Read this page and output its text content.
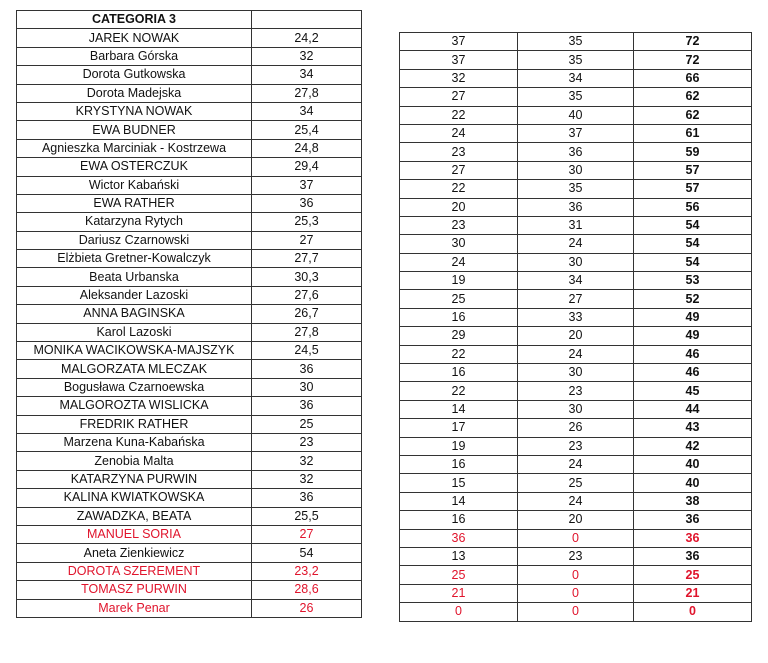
CATEGORIA 3	
JAREK NOWAK	24,2
Barbara Górska	32
Dorota Gutkowska	34
Dorota Madejska	27,8
KRYSTYNA NOWAK	34
EWA BUDNER	25,4
Agnieszka Marciniak - Kostrzewa	24,8
EWA OSTERCZUK	29,4
Wictor Kabański	37
EWA RATHER	36
Katarzyna Rytych	25,3
Dariusz Czarnowski	27
Elżbieta Gretner-Kowalczyk	27,7
Beata Urbanska	30,3
Aleksander Lazoski	27,6
ANNA BAGINSKA	26,7
Karol Lazoski	27,8
MONIKA WACIKOWSKA-MAJSZYK	24,5
MALGORZATA MLECZAK	36
Bogusława Czarnoewska	30
MALGOROZTA WISLICKA	36
FREDRIK RATHER	25
Marzena Kuna-Kabańska	23
Zenobia Malta	32
KATARZYNA PURWIN	32
KALINA KWIATKOWSKA	36
ZAWADZKA, BEATA	25,5
MANUEL SORIA	27
Aneta Zienkiewicz	54
DOROTA SZEREMENT	23,2
TOMASZ PURWIN	28,6
Marek Penar	26
37	35	72
37	35	72
32	34	66
27	35	62
22	40	62
24	37	61
23	36	59
27	30	57
22	35	57
20	36	56
23	31	54
30	24	54
24	30	54
19	34	53
25	27	52
16	33	49
29	20	49
22	24	46
16	30	46
22	23	45
14	30	44
17	26	43
19	23	42
16	24	40
15	25	40
14	24	38
16	20	36
36	0	36
13	23	36
25	0	25
21	0	21
0	0	0
